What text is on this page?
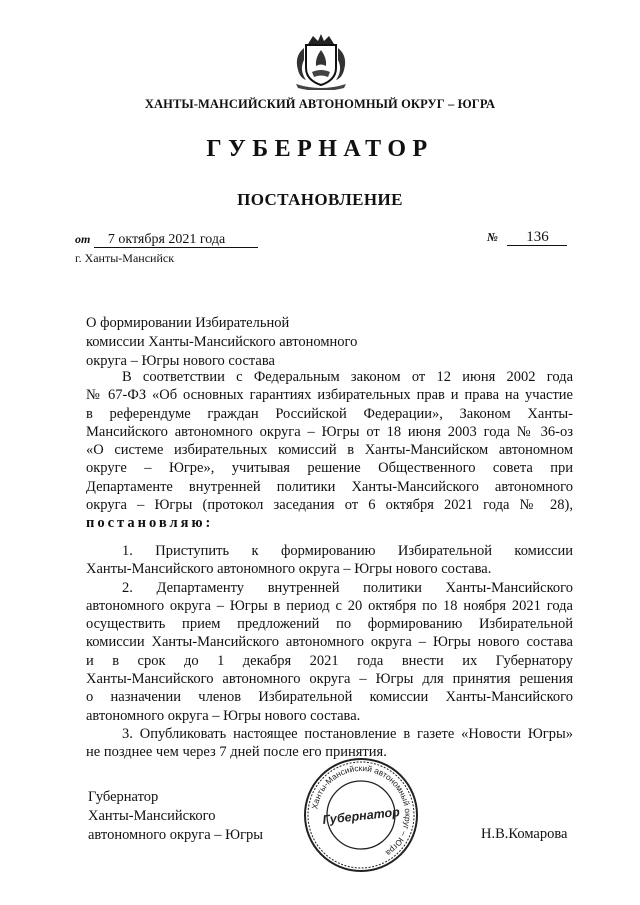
ХАНТЫ-МАНСИЙСКИЙ АВТОНОМНЫЙ ОКРУГ – ЮГРА
ГУБЕРНАТОР
ПОСТАНОВЛЕНИЕ
от 7 октября 2021 года	№ 136
г. Ханты-Мансийск
О формировании Избирательной
комиссии Ханты-Мансийского автономного
округа – Югры нового состава

В соответствии с Федеральным законом от 12 июня 2002 года

№ 67-ФЗ «Об основных гарантиях избирательных прав и права на участие

в референдуме граждан Российской Федерации», Законом Ханты-

Мансийского автономного округа – Югры от 18 июня 2003 года № 36-оз

«О системе избирательных комиссий в Ханты-Мансийском автономном

округе – Югре», учитывая решение Общественного совета при

Департаменте внутренней политики Ханты-Мансийского автономного

округа – Югры (протокол заседания от 6 октября 2021 года № 28),

постановляю:

1. Приступить к формированию Избирательной комиссии

Ханты-Мансийского автономного округа – Югры нового состава.

2. Департаменту внутренней политики Ханты-Мансийского

автономного округа – Югры в период с 20 октября по 18 ноября 2021 года

осуществить прием предложений по формированию Избирательной

комиссии Ханты-Мансийского автономного округа – Югры нового состава

и в срок до 1 декабря 2021 года внести их Губернатору

Ханты-Мансийского автономного округа – Югры для принятия решения

о назначении членов Избирательной комиссии Ханты-Мансийского

автономного округа – Югры нового состава.

3. Опубликовать настоящее постановление в газете «Новости Югры»

не позднее чем через 7 дней после его принятия.

Губернатор
Ханты-Мансийского
автономного округа – Югры
Ханты-Мансийский автономный округ – Югра
Губернатор
Н.В.Комарова
